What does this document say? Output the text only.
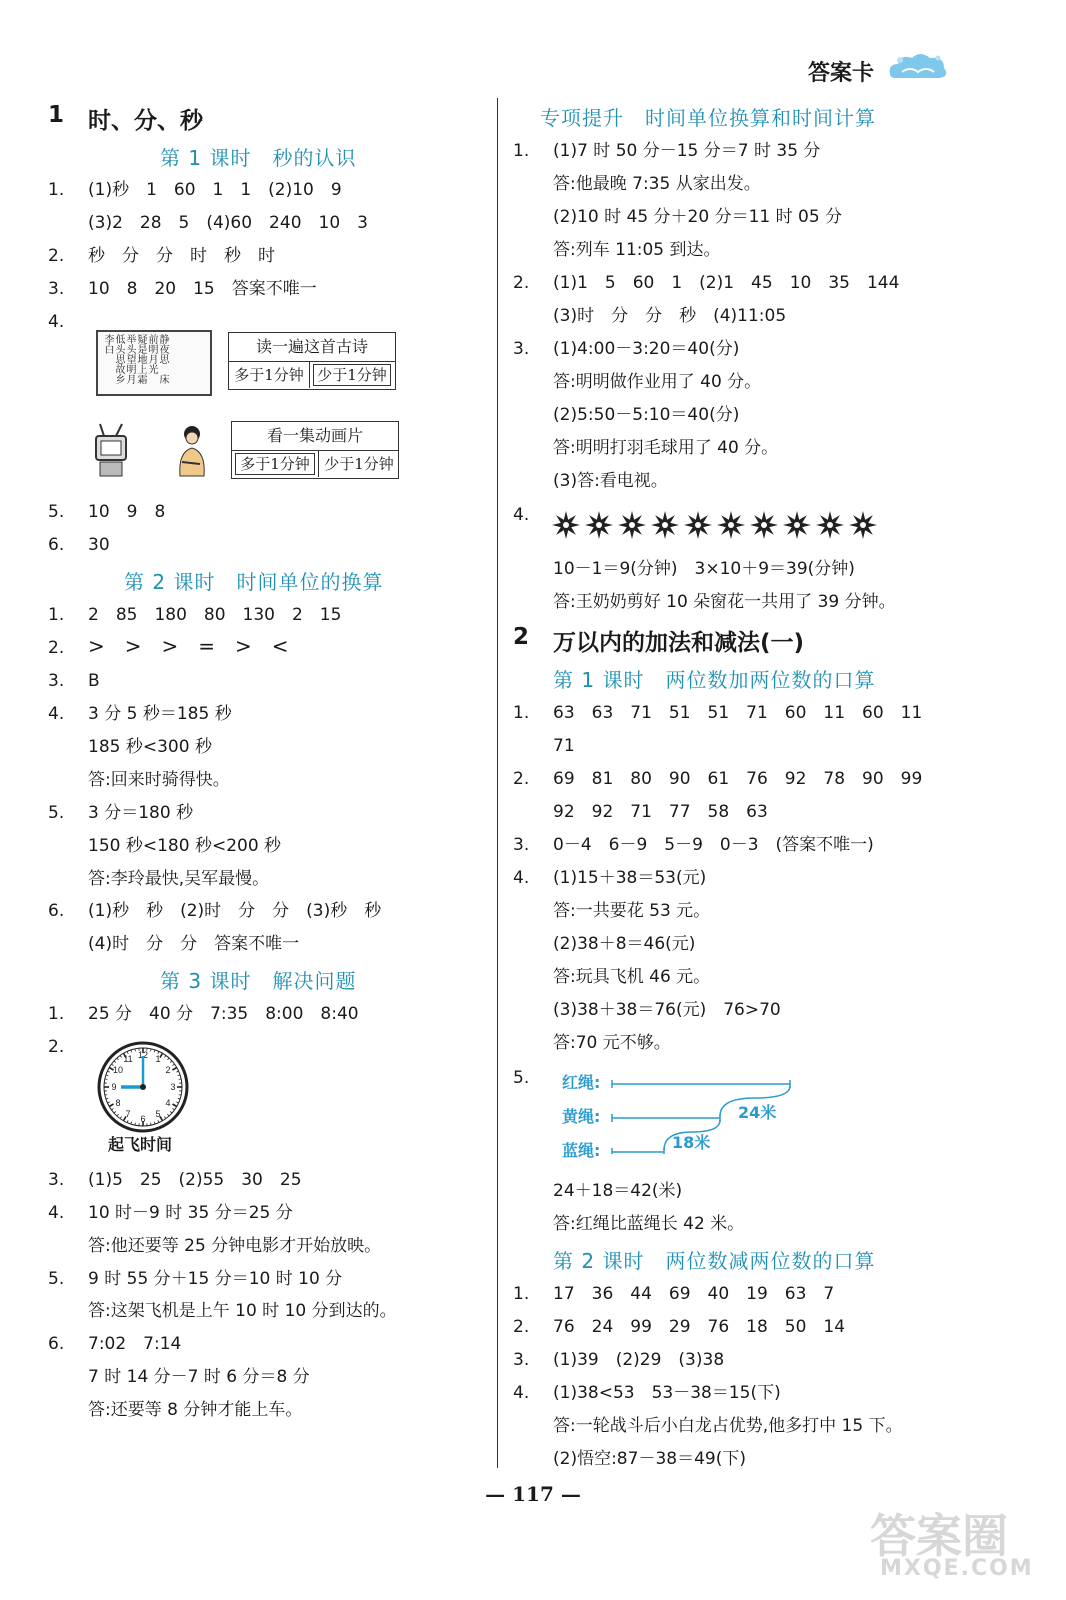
答案卡
1 时、分、秒
第 1 课时　秒的认识
1. (1)秒　1　60　1　1　(2)10　9
(3)2　28　5　(4)60　240　10　3
2. 秒　分　分　时　秒　时
3. 10　8　20　15　答案不唯一
4.
静夜思　床前明月光　疑是地上霜　举头望明月　低头思故乡　李白	读一遍这首古诗
多于1分钟 少于1分钟
看一集动画片
多于1分钟 少于1分钟
5. 10　9　8
6. 30
第 2 课时　时间单位的换算
1. 2　85　180　80　130　2　15
2. >　>　>　=　>　<
3. B
4. 3 分 5 秒＝185 秒
185 秒<300 秒
答:回来时骑得快。
5. 3 分＝180 秒
150 秒<180 秒<200 秒
答:李玲最快,吴军最慢。
6. (1)秒　秒　(2)时　分　分　(3)秒　秒
(4)时　分　分　答案不唯一
第 3 课时　解决问题
1. 25 分　40 分　7:35　8:00　8:40
2.	12 1
2
3
4
5
6
7
8
9
10
11
起飞时间
3. (1)5　25　(2)55　30　25
4. 10 时－9 时 35 分＝25 分
答:他还要等 25 分钟电影才开始放映。
5. 9 时 55 分＋15 分＝10 时 10 分
答:这架飞机是上午 10 时 10 分到达的。
6. 7:02　7:14
7 时 14 分－7 时 6 分＝8 分
答:还要等 8 分钟才能上车。
专项提升　时间单位换算和时间计算
1. (1)7 时 50 分－15 分＝7 时 35 分
答:他最晚 7:35 从家出发。
(2)10 时 45 分＋20 分＝11 时 05 分
答:列车 11:05 到达。
2. (1)1　5　60　1　(2)1　45　10　35　144
(3)时　分　分　秒　(4)11:05
3. (1)4:00－3:20＝40(分)
答:明明做作业用了 40 分。
(2)5:50－5:10＝40(分)
答:明明打羽毛球用了 40 分。
(3)答:看电视。
4.
10－1＝9(分钟)　3×10＋9＝39(分钟)
答:王奶奶剪好 10 朵窗花一共用了 39 分钟。
2 万以内的加法和减法(一)
第 1 课时　两位数加两位数的口算
1. 63　63　71　51　51　71　60　11　60　11
71
2. 69　81　80　90　61　76　92　78　90　99
92　92　71　77　58　63
3. 0－4　6－9　5－9　0－3　(答案不唯一)
4. (1)15＋38＝53(元)
答:一共要花 53 元。
(2)38＋8＝46(元)
答:玩具飞机 46 元。
(3)38＋38＝76(元)　76>70
答:70 元不够。
5. 红绳:
黄绳:
蓝绳:
24米
18米
24＋18＝42(米)
答:红绳比蓝绳长 42 米。
第 2 课时　两位数减两位数的口算
1. 17　36　44　69　40　19　63　7
2. 76　24　99　29　76　18　50　14
3. (1)39　(2)29　(3)38
4. (1)38<53　53－38＝15(下)
答:一轮战斗后小白龙占优势,他多打中 15 下。
(2)悟空:87－38＝49(下)
— 117 —
答案圈
MXQE.COM
